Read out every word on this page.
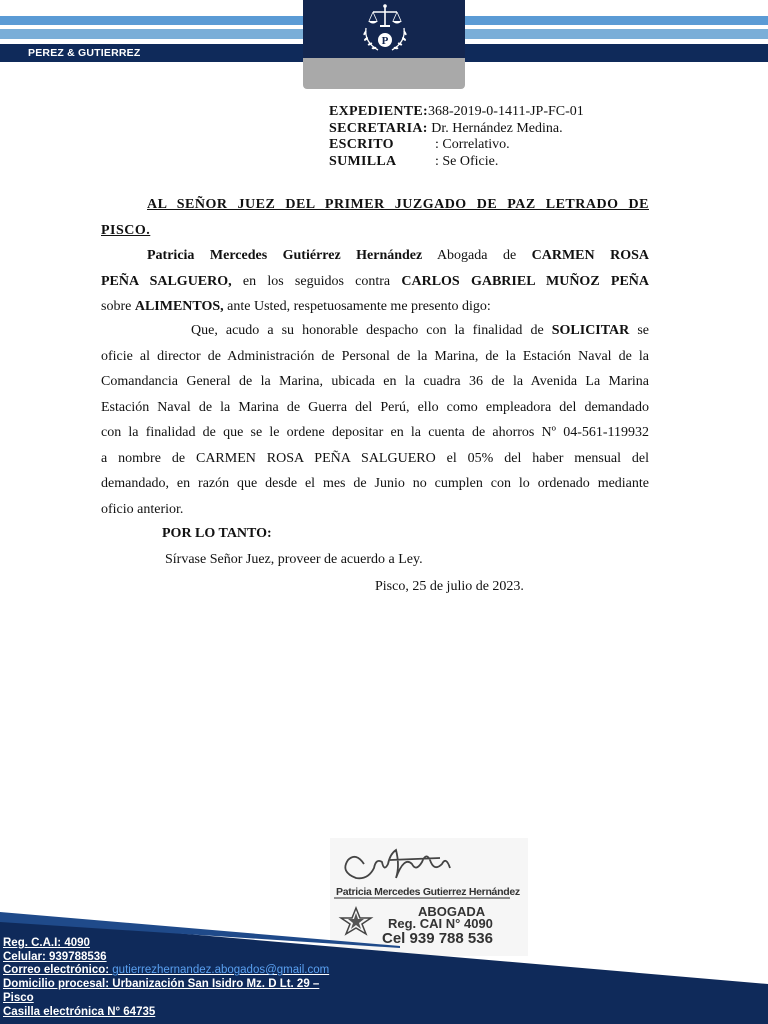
PEREZ & GUTIERREZ
P
EXPEDIENTE:368-2019-0-1411-JP-FC-01
SECRETARIA: Dr. Hernández Medina.
ESCRITO	: Correlativo.
SUMILLA	: Se Oficie.
AL SEÑOR JUEZ DEL PRIMER JUZGADO DE PAZ LETRADO DE
PISCO.
Patricia Mercedes Gutiérrez Hernández Abogada de CARMEN ROSA
PEÑA SALGUERO, en los seguidos contra CARLOS GABRIEL MUÑOZ PEÑA
sobre ALIMENTOS, ante Usted, respetuosamente me presento digo:
Que, acudo a su honorable despacho con la finalidad de SOLICITAR se
oficie al director de Administración de Personal de la Marina, de la Estación Naval de la
Comandancia General de la Marina, ubicada en la cuadra 36 de la Avenida La Marina
Estación Naval de la Marina de Guerra del Perú, ello como empleadora del demandado
con la finalidad de que se le ordene depositar en la cuenta de ahorros Nº 04-561-119932
a nombre de CARMEN ROSA PEÑA SALGUERO el 05% del haber mensual del
demandado, en razón que desde el mes de Junio no cumplen con lo ordenado mediante
oficio anterior.
POR LO TANTO:
Sírvase Señor Juez, proveer de acuerdo a Ley.
Pisco, 25 de julio de 2023.
Patricia Mercedes Gutierrez Hernández
ABOGADA
Reg. CAI N° 4090
Cel 939 788 536
Reg. C.A.I: 4090
Celular: 939788536
Correo electrónico: gutierrezhernandez.abogados@gmail.com
Domicilio procesal: Urbanización San Isidro Mz. D Lt. 29 –
Pisco
Casilla electrónica N° 64735
